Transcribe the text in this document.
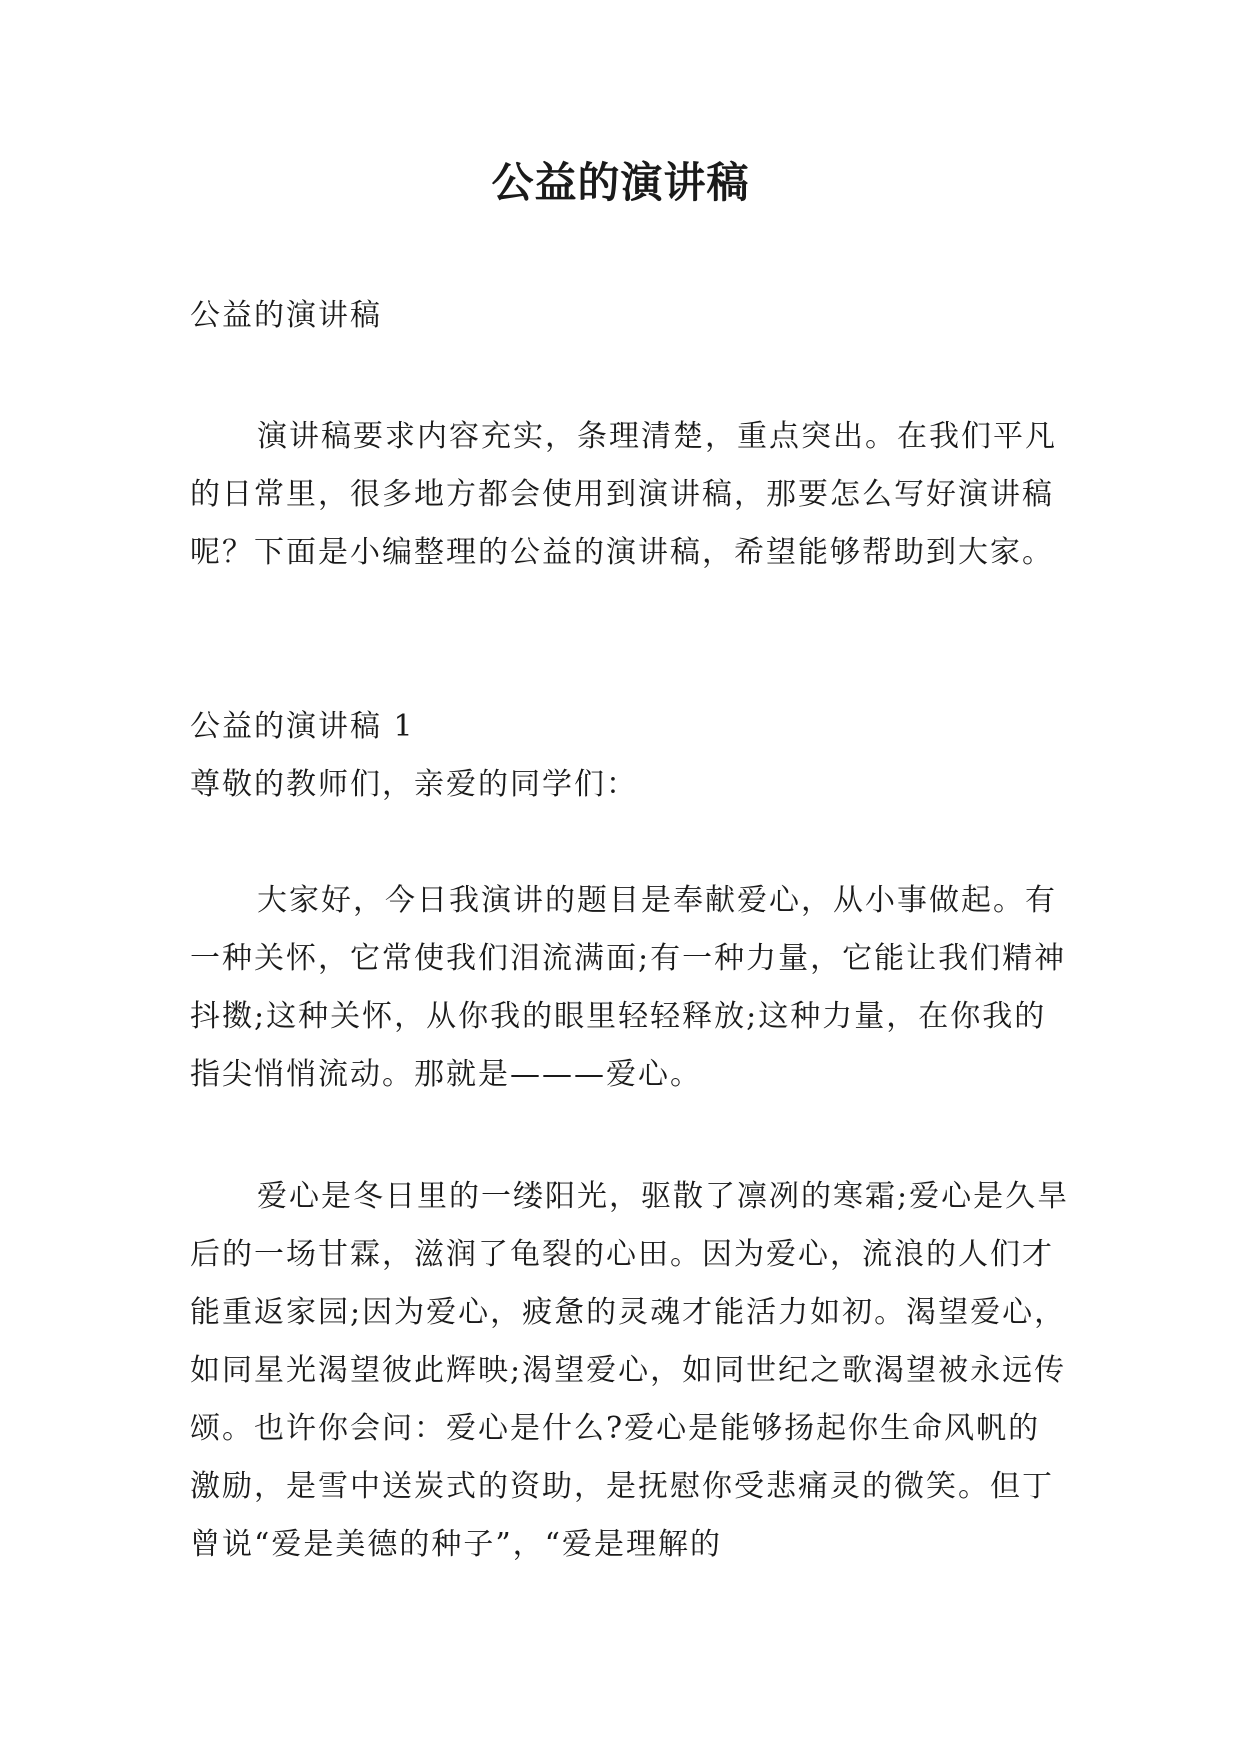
公益的演讲稿
公益的演讲稿
演讲稿要求内容充实，条理清楚，重点突出。在我们平凡的日常里，很多地方都会使用到演讲稿，那要怎么写好演讲稿呢？下面是小编整理的公益的演讲稿，希望能够帮助到大家。
公益的演讲稿 1
尊敬的教师们，亲爱的同学们：
大家好，今日我演讲的题目是奉献爱心，从小事做起。有一种关怀，它常使我们泪流满面;有一种力量，它能让我们精神抖擞;这种关怀，从你我的眼里轻轻释放;这种力量，在你我的指尖悄悄流动。那就是———爱心。
爱心是冬日里的一缕阳光，驱散了凛冽的寒霜;爱心是久旱后的一场甘霖，滋润了龟裂的心田。因为爱心，流浪的人们才能重返家园;因为爱心，疲惫的灵魂才能活力如初。渴望爱心，如同星光渴望彼此辉映;渴望爱心，如同世纪之歌渴望被永远传颂。也许你会问：爱心是什么?爱心是能够扬起你生命风帆的激励，是雪中送炭式的资助，是抚慰你受悲痛灵的微笑。但丁曾说“爱是美德的种子”，“爱是理解的
